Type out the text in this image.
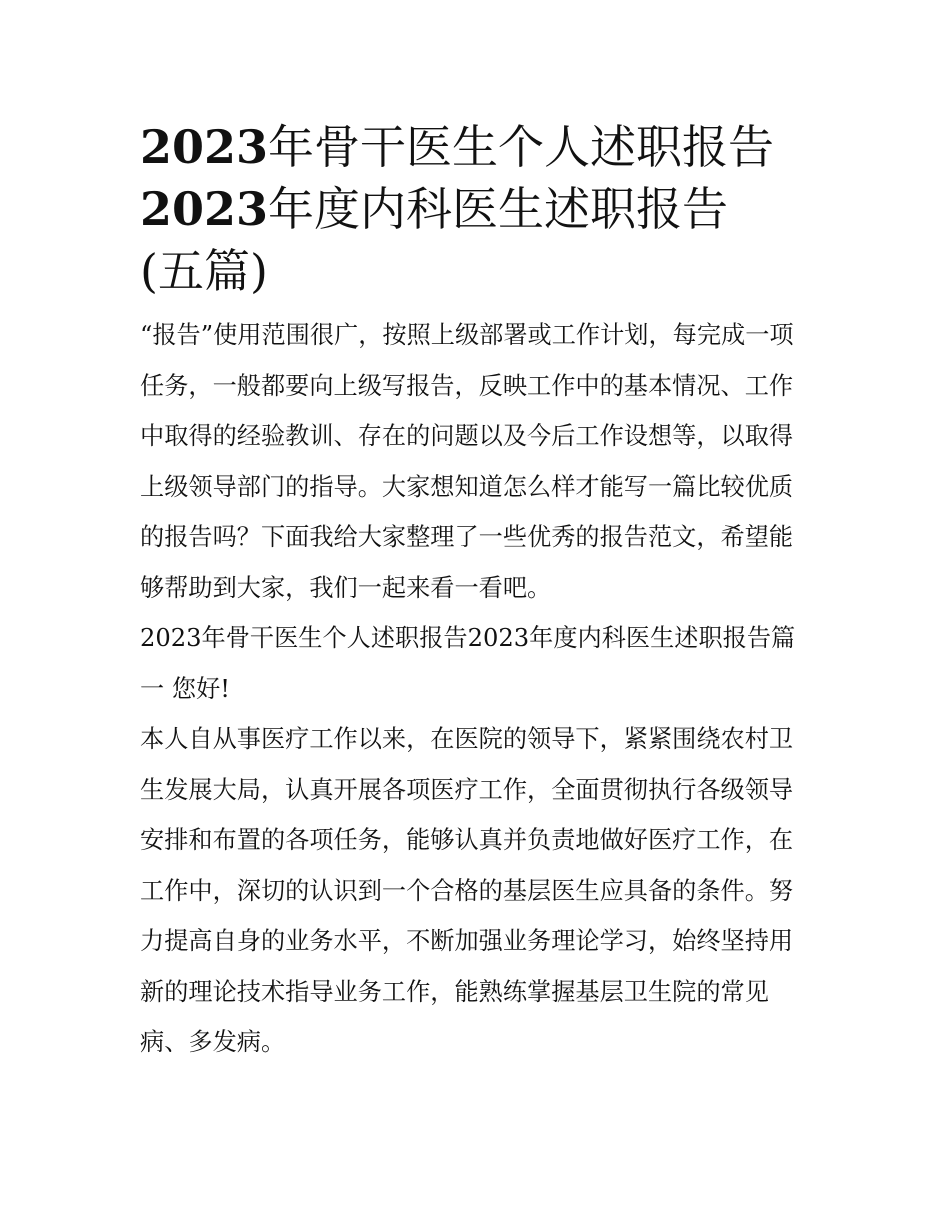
2023年骨干医生个人述职报告
2023年度内科医生述职报告
(五篇)

“报告”使用范围很广，按照上级部署或工作计划，每完成一项任务，一般都要向上级写报告，反映工作中的基本情况、工作中取得的经验教训、存在的问题以及今后工作设想等，以取得上级领导部门的指导。大家想知道怎么样才能写一篇比较优质的报告吗？下面我给大家整理了一些优秀的报告范文，希望能够帮助到大家，我们一起来看一看吧。

2023年骨干医生个人述职报告2023年度内科医生述职报告篇一 您好!

本人自从事医疗工作以来，在医院的领导下，紧紧围绕农村卫生发展大局，认真开展各项医疗工作，全面贯彻执行各级领导安排和布置的各项任务，能够认真并负责地做好医疗工作，在工作中，深切的认识到一个合格的基层医生应具备的条件。努力提高自身的业务水平，不断加强业务理论学习，始终坚持用新的理论技术指导业务工作，能熟练掌握基层卫生院的常见病、多发病。
